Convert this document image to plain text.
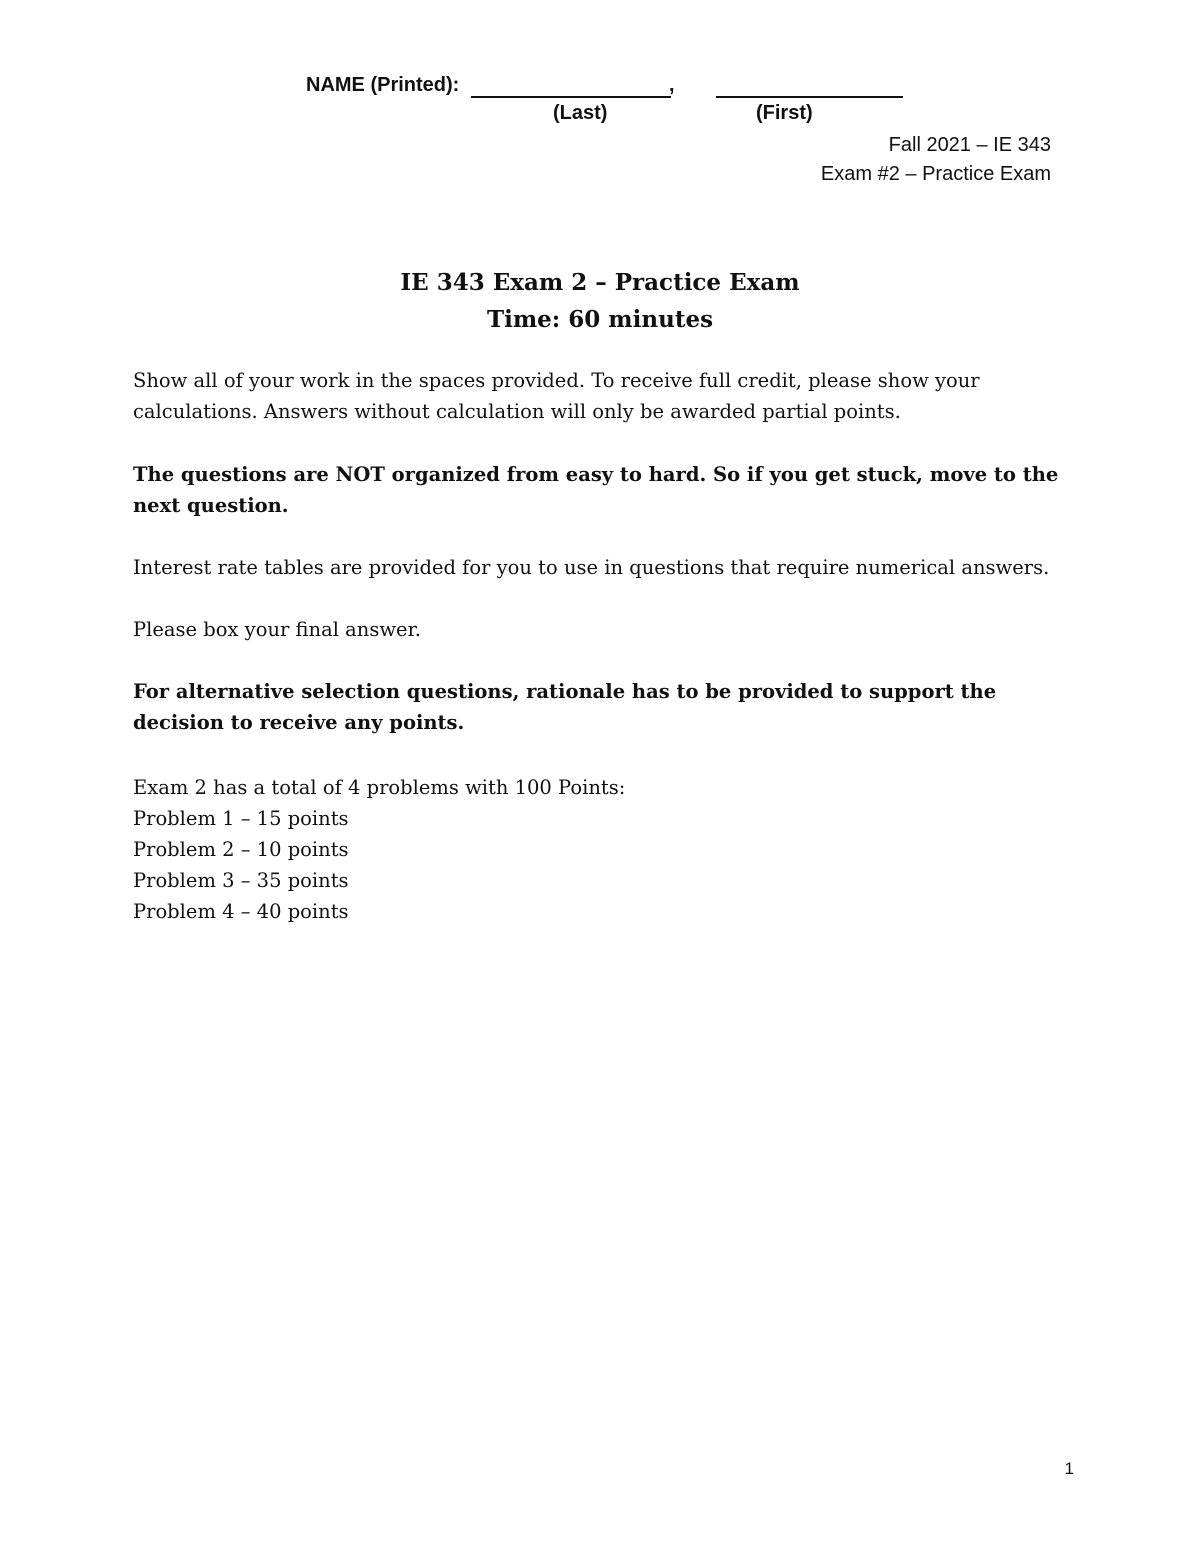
NAME (Printed):	,
(Last)	(First)
Fall 2021 – IE 343
Exam #2 – Practice Exam
IE 343 Exam 2 – Practice Exam
Time: 60 minutes

Show all of your work in the spaces provided. To receive full credit, please show your calculations. Answers without calculation will only be awarded partial points.

The questions are NOT organized from easy to hard. So if you get stuck, move to the next question.

Interest rate tables are provided for you to use in questions that require numerical answers.

Please box your final answer.

For alternative selection questions, rationale has to be provided to support the decision to receive any points.

Exam 2 has a total of 4 problems with 100 Points:
Problem 1 – 15 points
Problem 2 – 10 points
Problem 3 – 35 points
Problem 4 – 40 points
1
